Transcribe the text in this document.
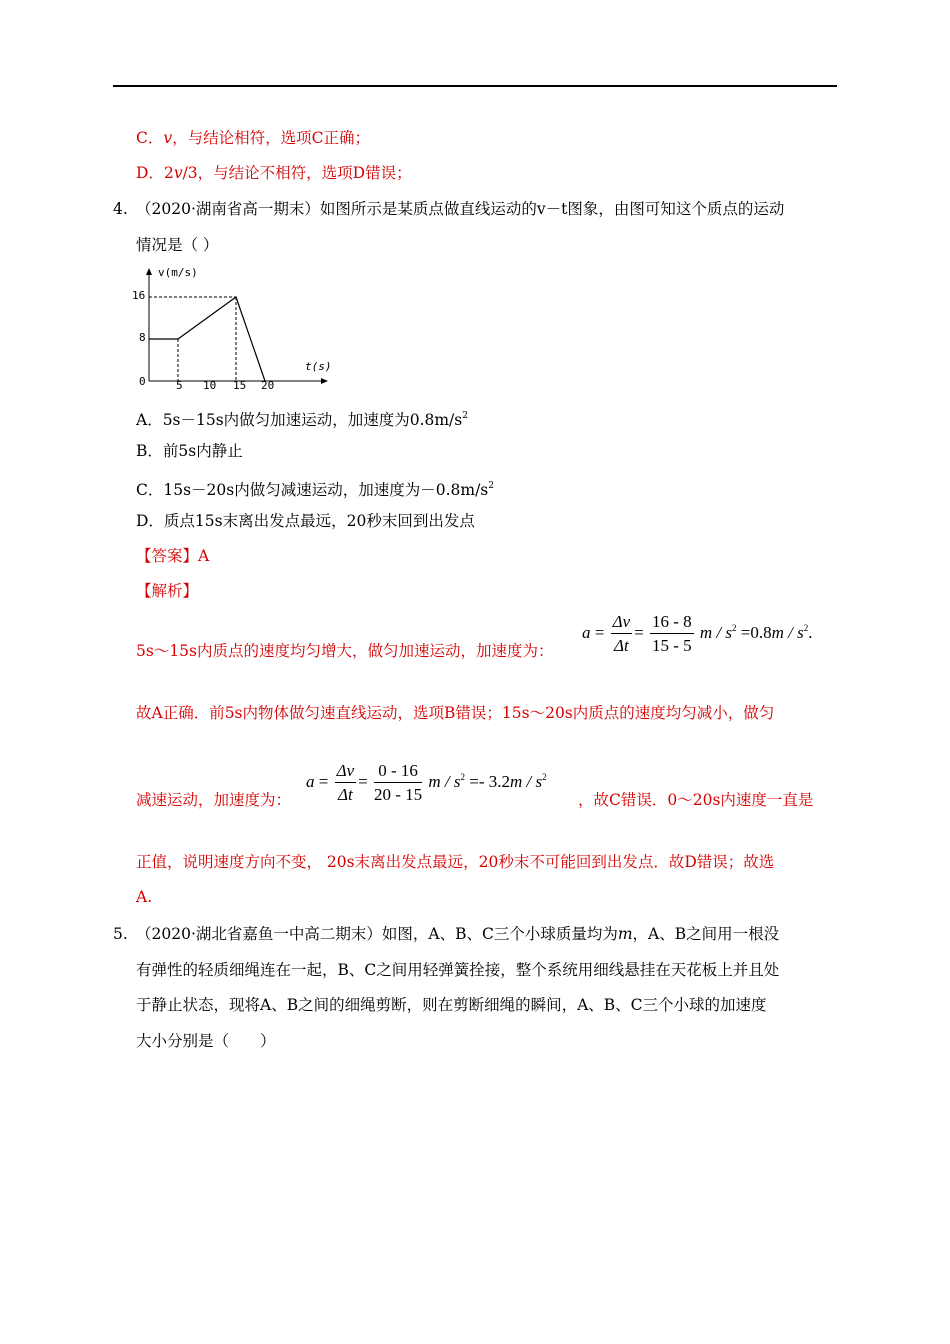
C．v，与结论相符，选项C正确；
D．2v/3，与结论不相符，选项D错误；
4. （2020·湖南省高一期末）如图所示是某质点做直线运动的v－t图象，由图可知这个质点的运动
情况是（ ）
v(m/s)
t(s)
16
8
0	5 10 15 20
A．5s－15s内做匀加速运动，加速度为$0.8m/s^2$
B．前5s内静止
C．15s－20s内做匀减速运动，加速度为$-0.8m/s^2$
D．质点15s末离出发点最远，20秒末回到出发点
【答案】A
【解析】
5s～15s内质点的速度均匀增大，做匀加速运动，加速度为：
$a = \frac{\Delta v}{\Delta t} = \frac{16 - 8}{15 - 5}$ $m / s^2 =0.8m / s^2$.
故A正确．前5s内物体做匀速直线运动，选项B错误；15s～20s内质点的速度均匀减小，做匀
减速运动，加速度为：
$a = \frac{\Delta v}{\Delta t} = \frac{0 - 16}{20 - 15}$ $m / s^2 =- 3.2m / s^2$
，故C错误．0～20s内速度一直是
正值，说明速度方向不变， 20s末离出发点最远，20秒末不可能回到出发点．故D错误；故选
A.
5. （2020·湖北省嘉鱼一中高二期末）如图，A、B、C三个小球质量均为m，A、B之间用一根没
有弹性的轻质细绳连在一起，B、C之间用轻弹簧拴接，整个系统用细线悬挂在天花板上并且处
于静止状态，现将A、B之间的细绳剪断，则在剪断细绳的瞬间，A、B、C三个小球的加速度
大小分别是（　　）
